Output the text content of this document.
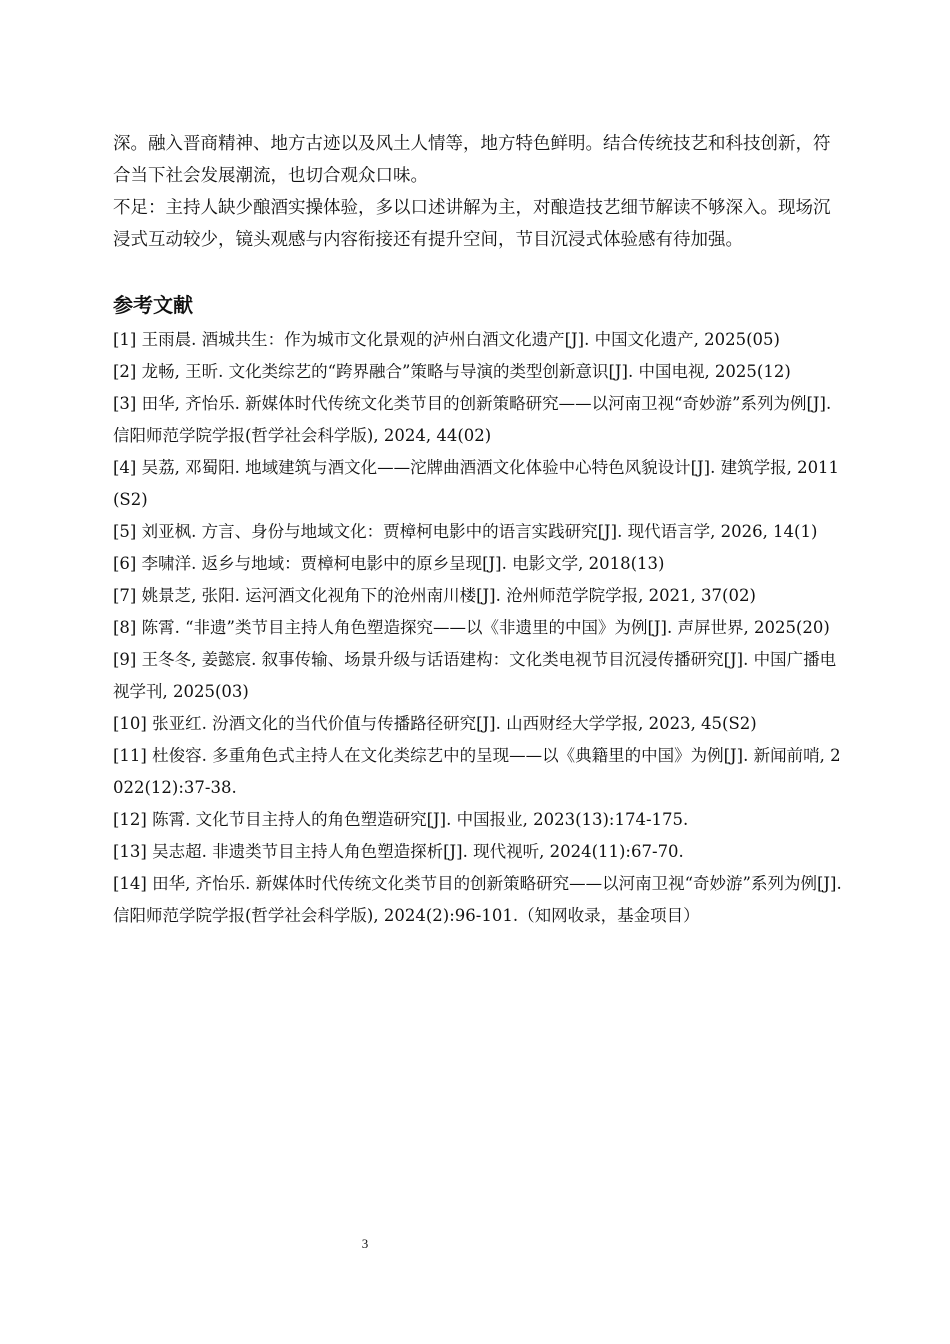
深。融入晋商精神、地方古迹以及风土人情等，地方特色鲜明。结合传统技艺和科技创新，符合当下社会发展潮流，也切合观众口味。

不足：主持人缺少酿酒实操体验，多以口述讲解为主，对酿造技艺细节解读不够深入。现场沉浸式互动较少，镜头观感与内容衔接还有提升空间，节目沉浸式体验感有待加强。

参考文献
[1] 王雨晨. 酒城共生：作为城市文化景观的泸州白酒文化遗产[J]. 中国文化遗产, 2025(05)
[2] 龙畅, 王昕. 文化类综艺的“跨界融合”策略与导演的类型创新意识[J]. 中国电视, 2025(12)
[3] 田华, 齐怡乐. 新媒体时代传统文化类节目的创新策略研究——以河南卫视“奇妙游”系列为例[J]. 信阳师范学院学报(哲学社会科学版), 2024, 44(02)
[4] 吴荔, 邓蜀阳. 地域建筑与酒文化——沱牌曲酒酒文化体验中心特色风貌设计[J]. 建筑学报, 2011(S2)
[5] 刘亚枫. 方言、身份与地域文化：贾樟柯电影中的语言实践研究[J]. 现代语言学, 2026, 14(1)
[6] 李啸洋. 返乡与地域：贾樟柯电影中的原乡呈现[J]. 电影文学, 2018(13)
[7] 姚景芝, 张阳. 运河酒文化视角下的沧州南川楼[J]. 沧州师范学院学报, 2021, 37(02)
[8] 陈霄. “非遗”类节目主持人角色塑造探究——以《非遗里的中国》为例[J]. 声屏世界, 2025(20)
[9] 王冬冬, 姜懿宸. 叙事传输、场景升级与话语建构：文化类电视节目沉浸传播研究[J]. 中国广播电视学刊, 2025(03)
[10] 张亚红. 汾酒文化的当代价值与传播路径研究[J]. 山西财经大学学报, 2023, 45(S2)
[11] 杜俊容. 多重角色式主持人在文化类综艺中的呈现——以《典籍里的中国》为例[J]. 新闻前哨, 2022(12):37-38.
[12] 陈霄. 文化节目主持人的角色塑造研究[J]. 中国报业, 2023(13):174-175.
[13] 吴志超. 非遗类节目主持人角色塑造探析[J]. 现代视听, 2024(11):67-70.
[14] 田华, 齐怡乐. 新媒体时代传统文化类节目的创新策略研究——以河南卫视“奇妙游”系列为例[J]. 信阳师范学院学报(哲学社会科学版), 2024(2):96-101.（知网收录，基金项目）
3
